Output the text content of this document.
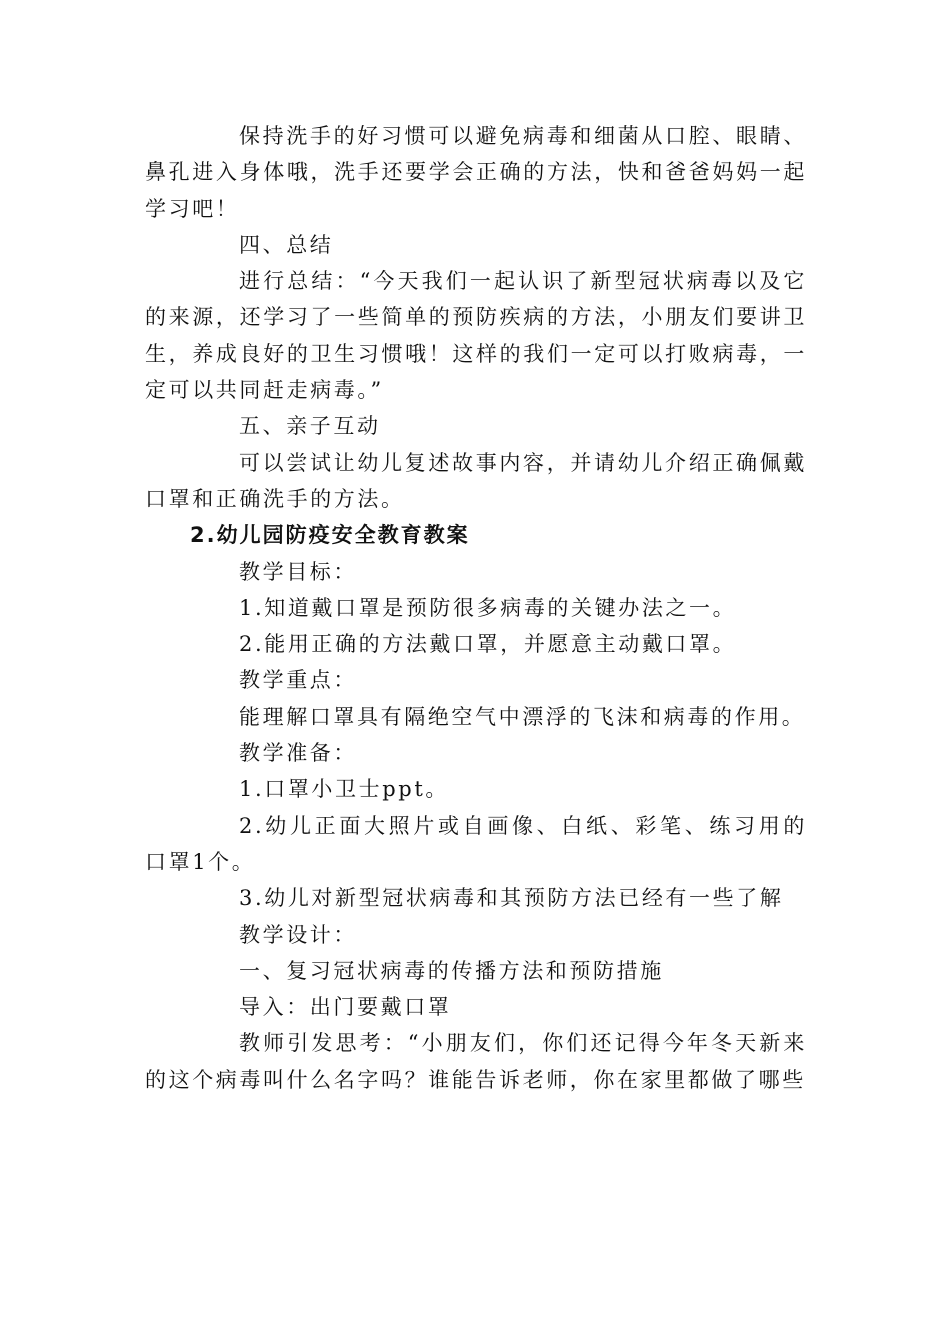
保持洗手的好习惯可以避免病毒和细菌从口腔、眼睛、鼻孔进入身体哦，洗手还要学会正确的方法，快和爸爸妈妈一起学习吧！

四、总结

进行总结：“今天我们一起认识了新型冠状病毒以及它的来源，还学习了一些简单的预防疾病的方法，小朋友们要讲卫生，养成良好的卫生习惯哦！这样的我们一定可以打败病毒，一定可以共同赶走病毒。”

五、亲子互动

可以尝试让幼儿复述故事内容，并请幼儿介绍正确佩戴口罩和正确洗手的方法。

2.幼儿园防疫安全教育教案

教学目标：

1.知道戴口罩是预防很多病毒的关键办法之一。

2.能用正确的方法戴口罩，并愿意主动戴口罩。

教学重点：

能理解口罩具有隔绝空气中漂浮的飞沫和病毒的作用。

教学准备：

1.口罩小卫士ppt。

2.幼儿正面大照片或自画像、白纸、彩笔、练习用的口罩1个。

3.幼儿对新型冠状病毒和其预防方法已经有一些了解

教学设计：

一、复习冠状病毒的传播方法和预防措施

导入：出门要戴口罩

教师引发思考：“小朋友们，你们还记得今年冬天新来的这个病毒叫什么名字吗？谁能告诉老师，你在家里都做了哪些
